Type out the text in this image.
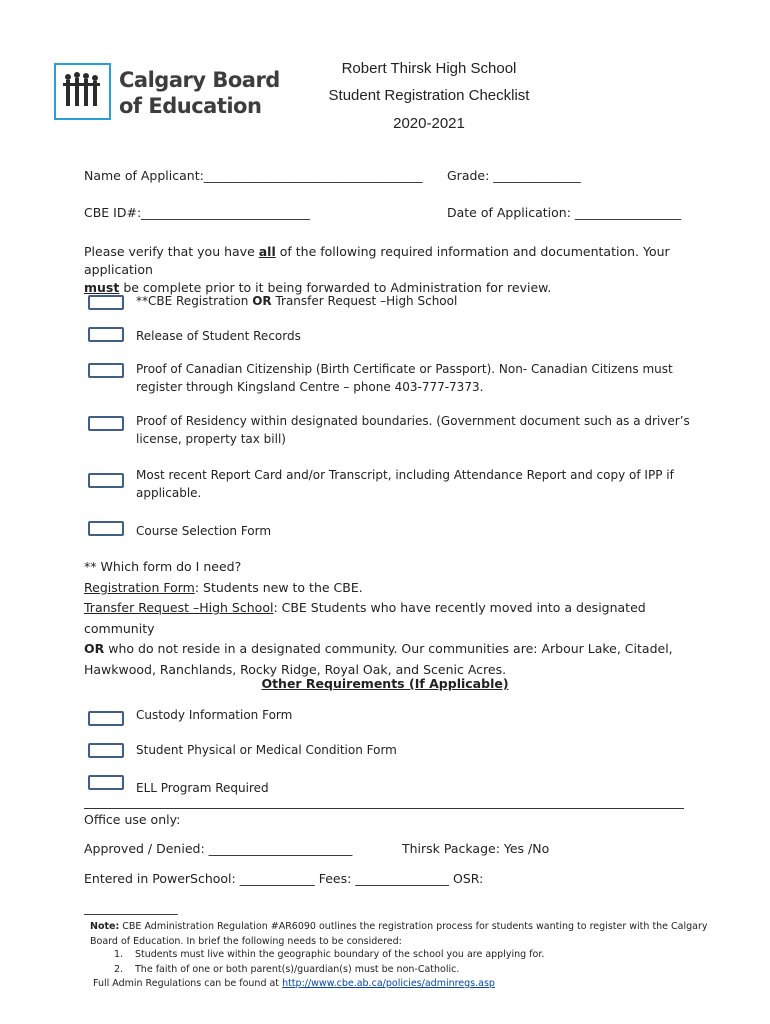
Calgary Board
of Education
Robert Thirsk High School
Student Registration Checklist
2020-2021
Name of Applicant:___________________________________ Grade: ______________
CBE ID#:___________________________	Date of Application: _________________
Please verify that you have all of the following required information and documentation. Your application
must be complete prior to it being forwarded to Administration for review.
**CBE Registration OR Transfer Request –High School
Release of Student Records
Proof of Canadian Citizenship (Birth Certificate or Passport). Non- Canadian Citizens must register through Kingsland Centre – phone 403-777-7373.
Proof of Residency within designated boundaries. (Government document such as a driver’s license, property tax bill)
Most recent Report Card and/or Transcript, including Attendance Report and copy of IPP if applicable.
Course Selection Form
** Which form do I need?
Registration Form: Students new to the CBE.
Transfer Request –High School: CBE Students who have recently moved into a designated community
OR who do not reside in a designated community. Our communities are: Arbour Lake, Citadel,
Hawkwood, Ranchlands, Rocky Ridge, Royal Oak, and Scenic Acres.
Other Requirements (If Applicable)
Custody Information Form
Student Physical or Medical Condition Form
ELL Program Required
Office use only:
Approved / Denied: _______________________	Thirsk Package: Yes /No
Entered in PowerSchool: ____________ Fees: _______________ OSR:
_______________
Note: CBE Administration Regulation #AR6090 outlines the registration process for students wanting to register with the Calgary
Board of Education. In brief the following needs to be considered:
1. Students must live within the geographic boundary of the school you are applying for.
2. The faith of one or both parent(s)/guardian(s) must be non-Catholic.
Full Admin Regulations can be found at http://www.cbe.ab.ca/policies/adminregs.asp
